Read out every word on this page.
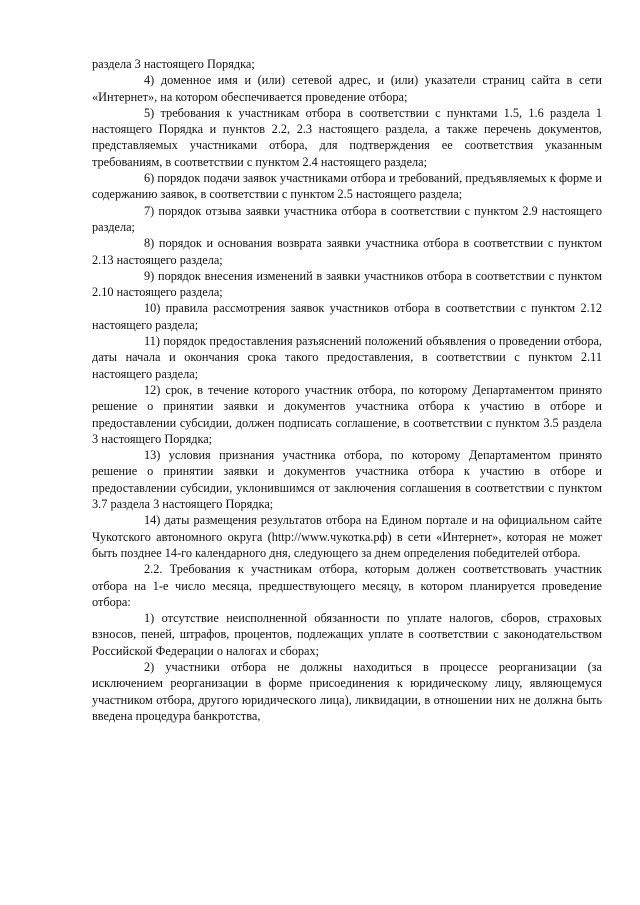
раздела 3 настоящего Порядка;

4) доменное имя и (или) сетевой адрес, и (или) указатели страниц сайта в сети «Интернет», на котором обеспечивается проведение отбора;

5) требования к участникам отбора в соответствии с пунктами 1.5, 1.6 раздела 1 настоящего Порядка и пунктов 2.2, 2.3 настоящего раздела, а также перечень документов, представляемых участниками отбора, для подтверждения ее соответствия указанным требованиям, в соответствии с пунктом 2.4 настоящего раздела;

6) порядок подачи заявок участниками отбора и требований, предъявляемых к форме и содержанию заявок, в соответствии с пунктом 2.5 настоящего раздела;

7) порядок отзыва заявки участника отбора в соответствии с пунктом 2.9 настоящего раздела;

8) порядок и основания возврата заявки участника отбора в соответствии с пунктом 2.13 настоящего раздела;

9) порядок внесения изменений в заявки участников отбора в соответствии с пунктом 2.10 настоящего раздела;

10) правила рассмотрения заявок участников отбора в соответствии с пунктом 2.12 настоящего раздела;

11) порядок предоставления разъяснений положений объявления о проведении отбора, даты начала и окончания срока такого предоставления, в соответствии с пунктом 2.11 настоящего раздела;

12) срок, в течение которого участник отбора, по которому Департаментом принято решение о принятии заявки и документов участника отбора к участию в отборе и предоставлении субсидии, должен подписать соглашение, в соответствии с пунктом 3.5 раздела 3 настоящего Порядка;

13) условия признания участника отбора, по которому Департаментом принято решение о принятии заявки и документов участника отбора к участию в отборе и предоставлении субсидии, уклонившимся от заключения соглашения в соответствии с пунктом 3.7 раздела 3 настоящего Порядка;

14) даты размещения результатов отбора на Едином портале и на официальном сайте Чукотского автономного округа (http://www.чукотка.рф) в сети «Интернет», которая не может быть позднее 14-го календарного дня, следующего за днем определения победителей отбора.

2.2. Требования к участникам отбора, которым должен соответствовать участник отбора на 1-е число месяца, предшествующего месяцу, в котором планируется проведение отбора:

1) отсутствие неисполненной обязанности по уплате налогов, сборов, страховых взносов, пеней, штрафов, процентов, подлежащих уплате в соответствии с законодательством Российской Федерации о налогах и сборах;

2) участники отбора не должны находиться в процессе реорганизации (за исключением реорганизации в форме присоединения к юридическому лицу, являющемуся участником отбора, другого юридического лица), ликвидации, в отношении них не должна быть введена процедура банкротства,
